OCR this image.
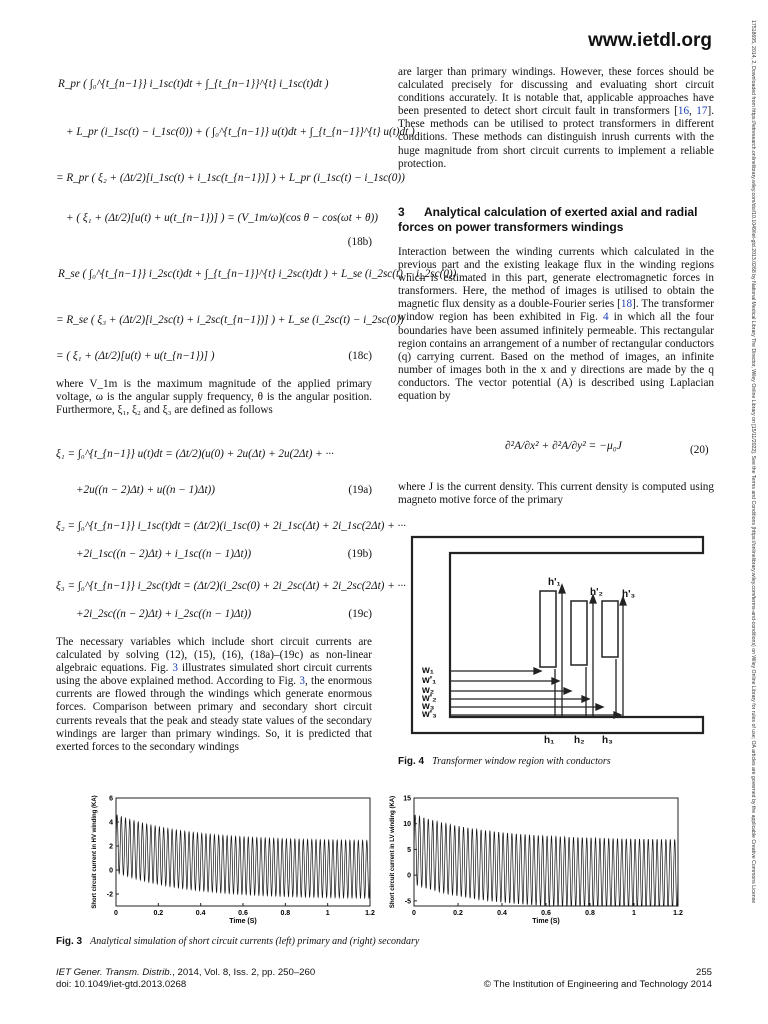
www.ietdl.org	17518695, 2014, 2, Downloaded from https://ietresearch.onlinelibrary.wiley.com/doi/10.1049/iet-gtd.2013.0268 by National Medical Library The Director, Wiley Online Library on [15/11/2022]. See the Terms and Conditions (https://onlinelibrary.wiley.com/terms-and-conditions) on Wiley Online Library for rules of use; OA articles are governed by the applicable Creative Commons License
R_pr ( ∫₀^{t_{n−1}} i_1sc(t)dt + ∫_{t_{n−1}}^{t} i_1sc(t)dt )
+ L_pr (i_1sc(t) − i_1sc(0)) + ( ∫₀^{t_{n−1}} u(t)dt + ∫_{t_{n−1}}^{t} u(t)dt )
= R_pr ( ξ₂ + (Δt/2)[i_1sc(t) + i_1sc(t_{n−1})] ) + L_pr (i_1sc(t) − i_1sc(0))
+ ( ξ₁ + (Δt/2)[u(t) + u(t_{n−1})] ) = (V_1m/ω)(cos θ − cos(ωt + θ))
(18b)
R_se ( ∫₀^{t_{n−1}} i_2sc(t)dt + ∫_{t_{n−1}}^{t} i_2sc(t)dt ) + L_se (i_2sc(t) − i_2sc(0))
= R_se ( ξ₃ + (Δt/2)[i_2sc(t) + i_2sc(t_{n−1})] ) + L_se (i_2sc(t) − i_2sc(0))
= ( ξ₁ + (Δt/2)[u(t) + u(t_{n−1})] )	(18c)

where V_1m is the maximum magnitude of the applied primary voltage, ω is the angular supply frequency, θ is the angular position. Furthermore, ξ₁, ξ₂ and ξ₃ are defined as follows

ξ₁ = ∫₀^{t_{n−1}} u(t)dt = (Δt/2)(u(0) + 2u(Δt) + 2u(2Δt) + ···
+2u((n − 2)Δt) + u((n − 1)Δt))	(19a)
ξ₂ = ∫₀^{t_{n−1}} i_1sc(t)dt = (Δt/2)(i_1sc(0) + 2i_1sc(Δt) + 2i_1sc(2Δt) + ···
+2i_1sc((n − 2)Δt) + i_1sc((n − 1)Δt))	(19b)
ξ₃ = ∫₀^{t_{n−1}} i_2sc(t)dt = (Δt/2)(i_2sc(0) + 2i_2sc(Δt) + 2i_2sc(2Δt) + ···
+2i_2sc((n − 2)Δt) + i_2sc((n − 1)Δt))	(19c)

The necessary variables which include short circuit currents are calculated by solving (12), (15), (16), (18a)–(19c) as non-linear algebraic equations. Fig. 3 illustrates simulated short circuit currents using the above explained method. According to Fig. 3, the enormous currents are flowed through the windings which generate enormous forces. Comparison between primary and secondary short circuit currents reveals that the peak and steady state values of the secondary windings are larger than primary windings. So, it is predicted that exerted forces to the secondary windings

are larger than primary windings. However, these forces should be calculated precisely for discussing and evaluating short circuit conditions accurately. It is notable that, applicable approaches have been presented to detect short circuit fault in transformers [16, 17]. These methods can be utilised to protect transformers in different conditions. These methods can distinguish inrush currents with the huge magnitude from short circuit currents to implement a reliable protection.

3 Analytical calculation of exerted axial and radial forces on power transformers windings

Interaction between the winding currents which calculated in the previous part and the existing leakage flux in the winding regions which is estimated in this part, generate electromagnetic forces in transformers. Here, the method of images is utilised to obtain the magnetic flux density as a double-Fourier series [18]. The transformer window region has been exhibited in Fig. 4 in which all the four boundaries have been assumed infinitely permeable. This rectangular region contains an arrangement of a number of rectangular conductors (q) carrying current. Based on the method of images, an infinite number of images both in the x and y directions are made by the q conductors. The vector potential (A) is described using Laplacian equation by

∂²A/∂x² + ∂²A/∂y² = −μ₀J	(20)

where J is the current density. This current density is computed using magneto motive force of the primary

h'₁
h'₂ h'₃
h₁ h₂ h₃
w₁
w'₁
w₂
w'₂
w₃
w'₃
Fig. 4 Transformer window region with conductors
0	0.2	0.4	0.6	0.8	1	1.2
-2
0
2
4
6
Time (S)
Short circuit current in HV winding (KA)
0	0.2	0.4	0.6	0.8	1	1.2
-5
0
5
10
15
Time (S)
Short circuit current in LV winding (KA)
Fig. 3 Analytical simulation of short circuit currents (left) primary and (right) secondary
IET Gener. Transm. Distrib., 2014, Vol. 8, Iss. 2, pp. 250–260
doi: 10.1049/iet-gtd.2013.0268
255
© The Institution of Engineering and Technology 2014
